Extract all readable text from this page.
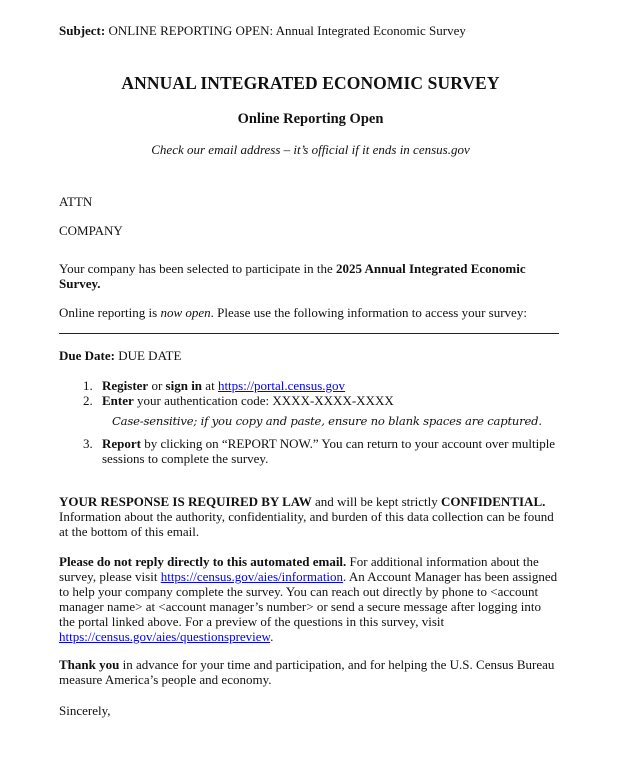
Subject: ONLINE REPORTING OPEN: Annual Integrated Economic Survey
ANNUAL INTEGRATED ECONOMIC SURVEY
Online Reporting Open
Check our email address – it’s official if it ends in census.gov
ATTN
COMPANY
Your company has been selected to participate in the 2025 Annual Integrated Economic Survey.
Online reporting is now open. Please use the following information to access your survey:
Due Date: DUE DATE
1. Register or sign in at https://portal.census.gov
2. Enter your authentication code: XXXX-XXXX-XXXX
Case-sensitive; if you copy and paste, ensure no blank spaces are captured.
3. Report by clicking on “REPORT NOW.” You can return to your account over multiple sessions to complete the survey.
YOUR RESPONSE IS REQUIRED BY LAW and will be kept strictly CONFIDENTIAL. Information about the authority, confidentiality, and burden of this data collection can be found at the bottom of this email.
Please do not reply directly to this automated email. For additional information about the survey, please visit https://census.gov/aies/information. An Account Manager has been assigned to help your company complete the survey. You can reach out directly by phone to <account manager name> at <account manager’s number> or send a secure message after logging into the portal linked above. For a preview of the questions in this survey, visit https://census.gov/aies/questionspreview.
Thank you in advance for your time and participation, and for helping the U.S. Census Bureau measure America’s people and economy.
Sincerely,
